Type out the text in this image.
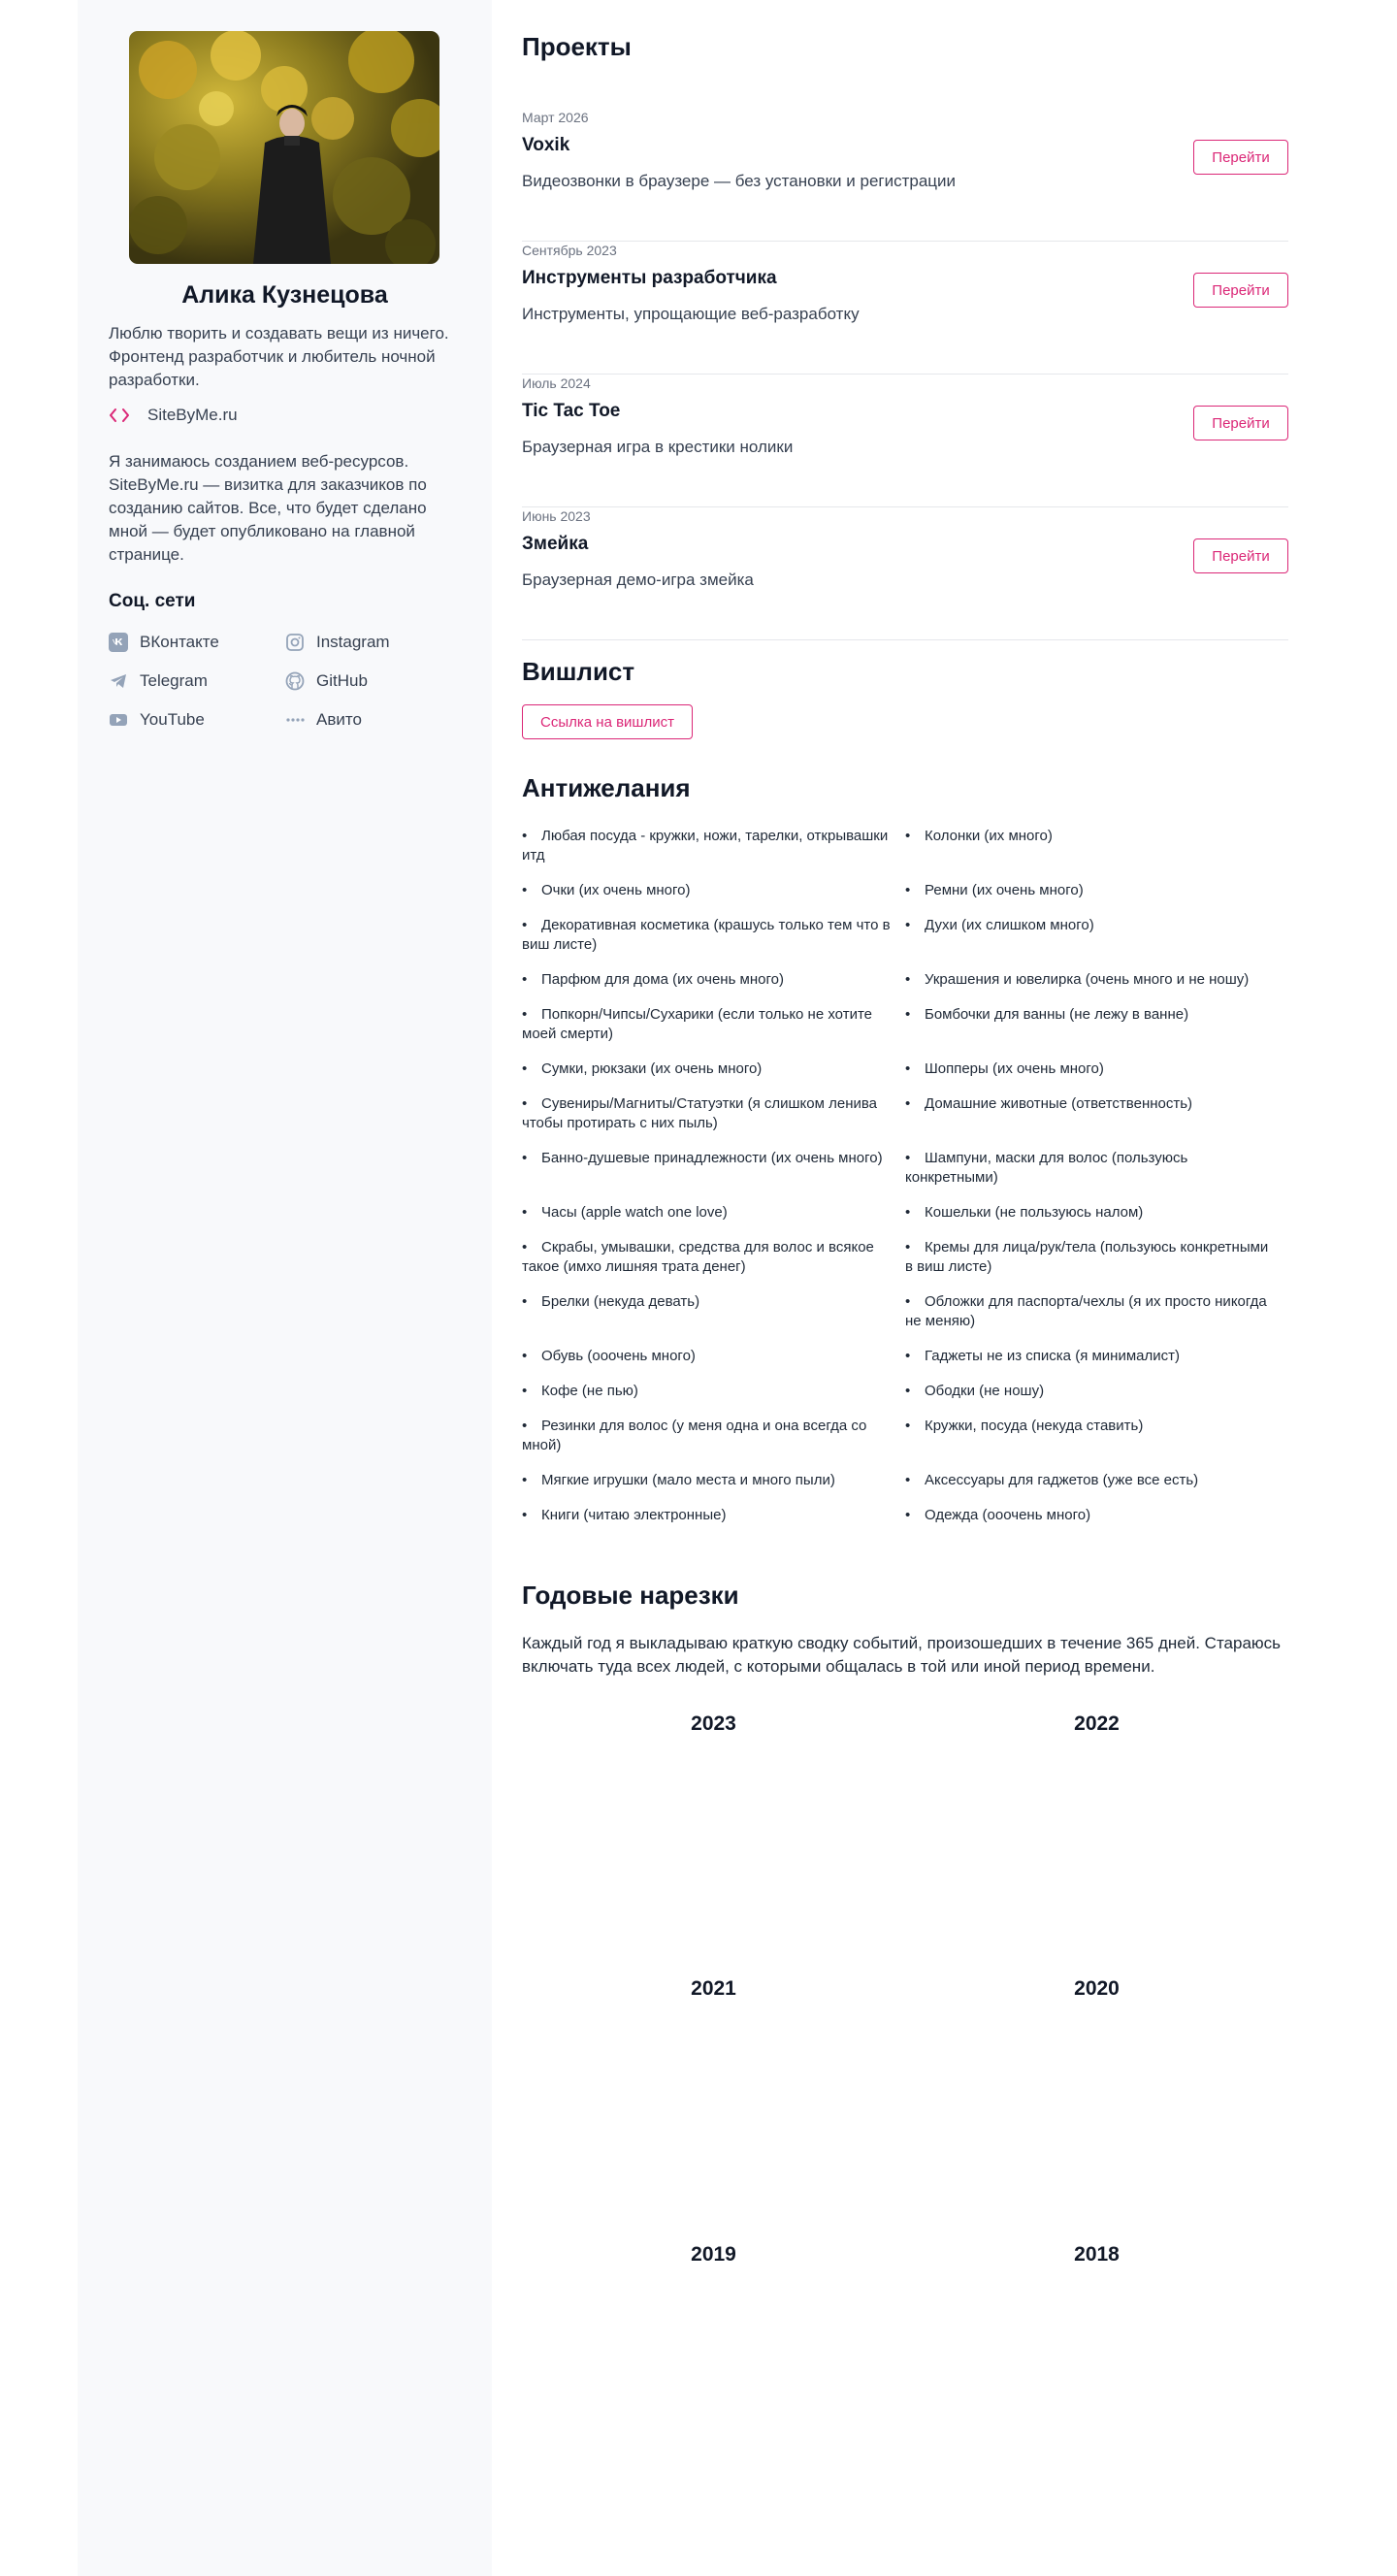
Алика Кузнецова

Люблю творить и создавать вещи из ничего. Фронтенд разработчик и любитель ночной разработки.

SiteByMe.ru

Я занимаюсь созданием веб-ресурсов. SiteByMe.ru — визитка для заказчиков по созданию сайтов. Все, что будет сделано мной — будет опубликовано на главной странице.

Соц. сети
ВКонтакте	Instagram
Telegram	GitHub
YouTube	Авито
Проекты
Март 2026
Voxik
Видеозвонки в браузере — без установки и регистрации
Перейти
Сентябрь 2023
Инструменты разработчика
Инструменты, упрощающие веб-разработку
Перейти
Июль 2024
Tic Tac Toe
Браузерная игра в крестики нолики
Перейти
Июнь 2023
Змейка
Браузерная демо-игра змейка
Перейти
Вишлист
Ссылка на вишлист
Антижелания
• Любая посуда - кружки, ножи, тарелки, открывашки итд
• Колонки (их много)
• Очки (их очень много)	• Ремни (их очень много)
• Декоративная косметика (крашусь только тем что в виш листе)
• Духи (их слишком много)
• Парфюм для дома (их очень много)	• Украшения и ювелирка (очень много и не ношу)
• Попкорн/Чипсы/Сухарики (если только не хотите моей смерти)
• Бомбочки для ванны (не лежу в ванне)
• Сумки, рюкзаки (их очень много)	• Шопперы (их очень много)
• Сувениры/Магниты/Статуэтки (я слишком ленива чтобы протирать с них пыль)
• Домашние животные (ответственность)
• Банно-душевые принадлежности (их очень много)	• Шампуни, маски для волос (пользуюсь конкретными)
• Часы (apple watch one love)	• Кошельки (не пользуюсь налом)
• Скрабы, умывашки, средства для волос и всякое такое (имхо лишняя трата денег)
• Кремы для лица/рук/тела (пользуюсь конкретными в виш листе)
• Брелки (некуда девать)	• Обложки для паспорта/чехлы (я их просто никогда не меняю)
• Обувь (ооочень много)	• Гаджеты не из списка (я минималист)
• Кофе (не пью)	• Ободки (не ношу)
• Резинки для волос (у меня одна и она всегда со мной)
• Кружки, посуда (некуда ставить)
• Мягкие игрушки (мало места и много пыли)	• Аксессуары для гаджетов (уже все есть)
• Книги (читаю электронные)	• Одежда (ооочень много)
Годовые нарезки

Каждый год я выкладываю краткую сводку событий, произошедших в течение 365 дней. Стараюсь включать туда всех людей, с которыми общалась в той или иной период времени.

2023	2022
2021	2020
2019	2018
